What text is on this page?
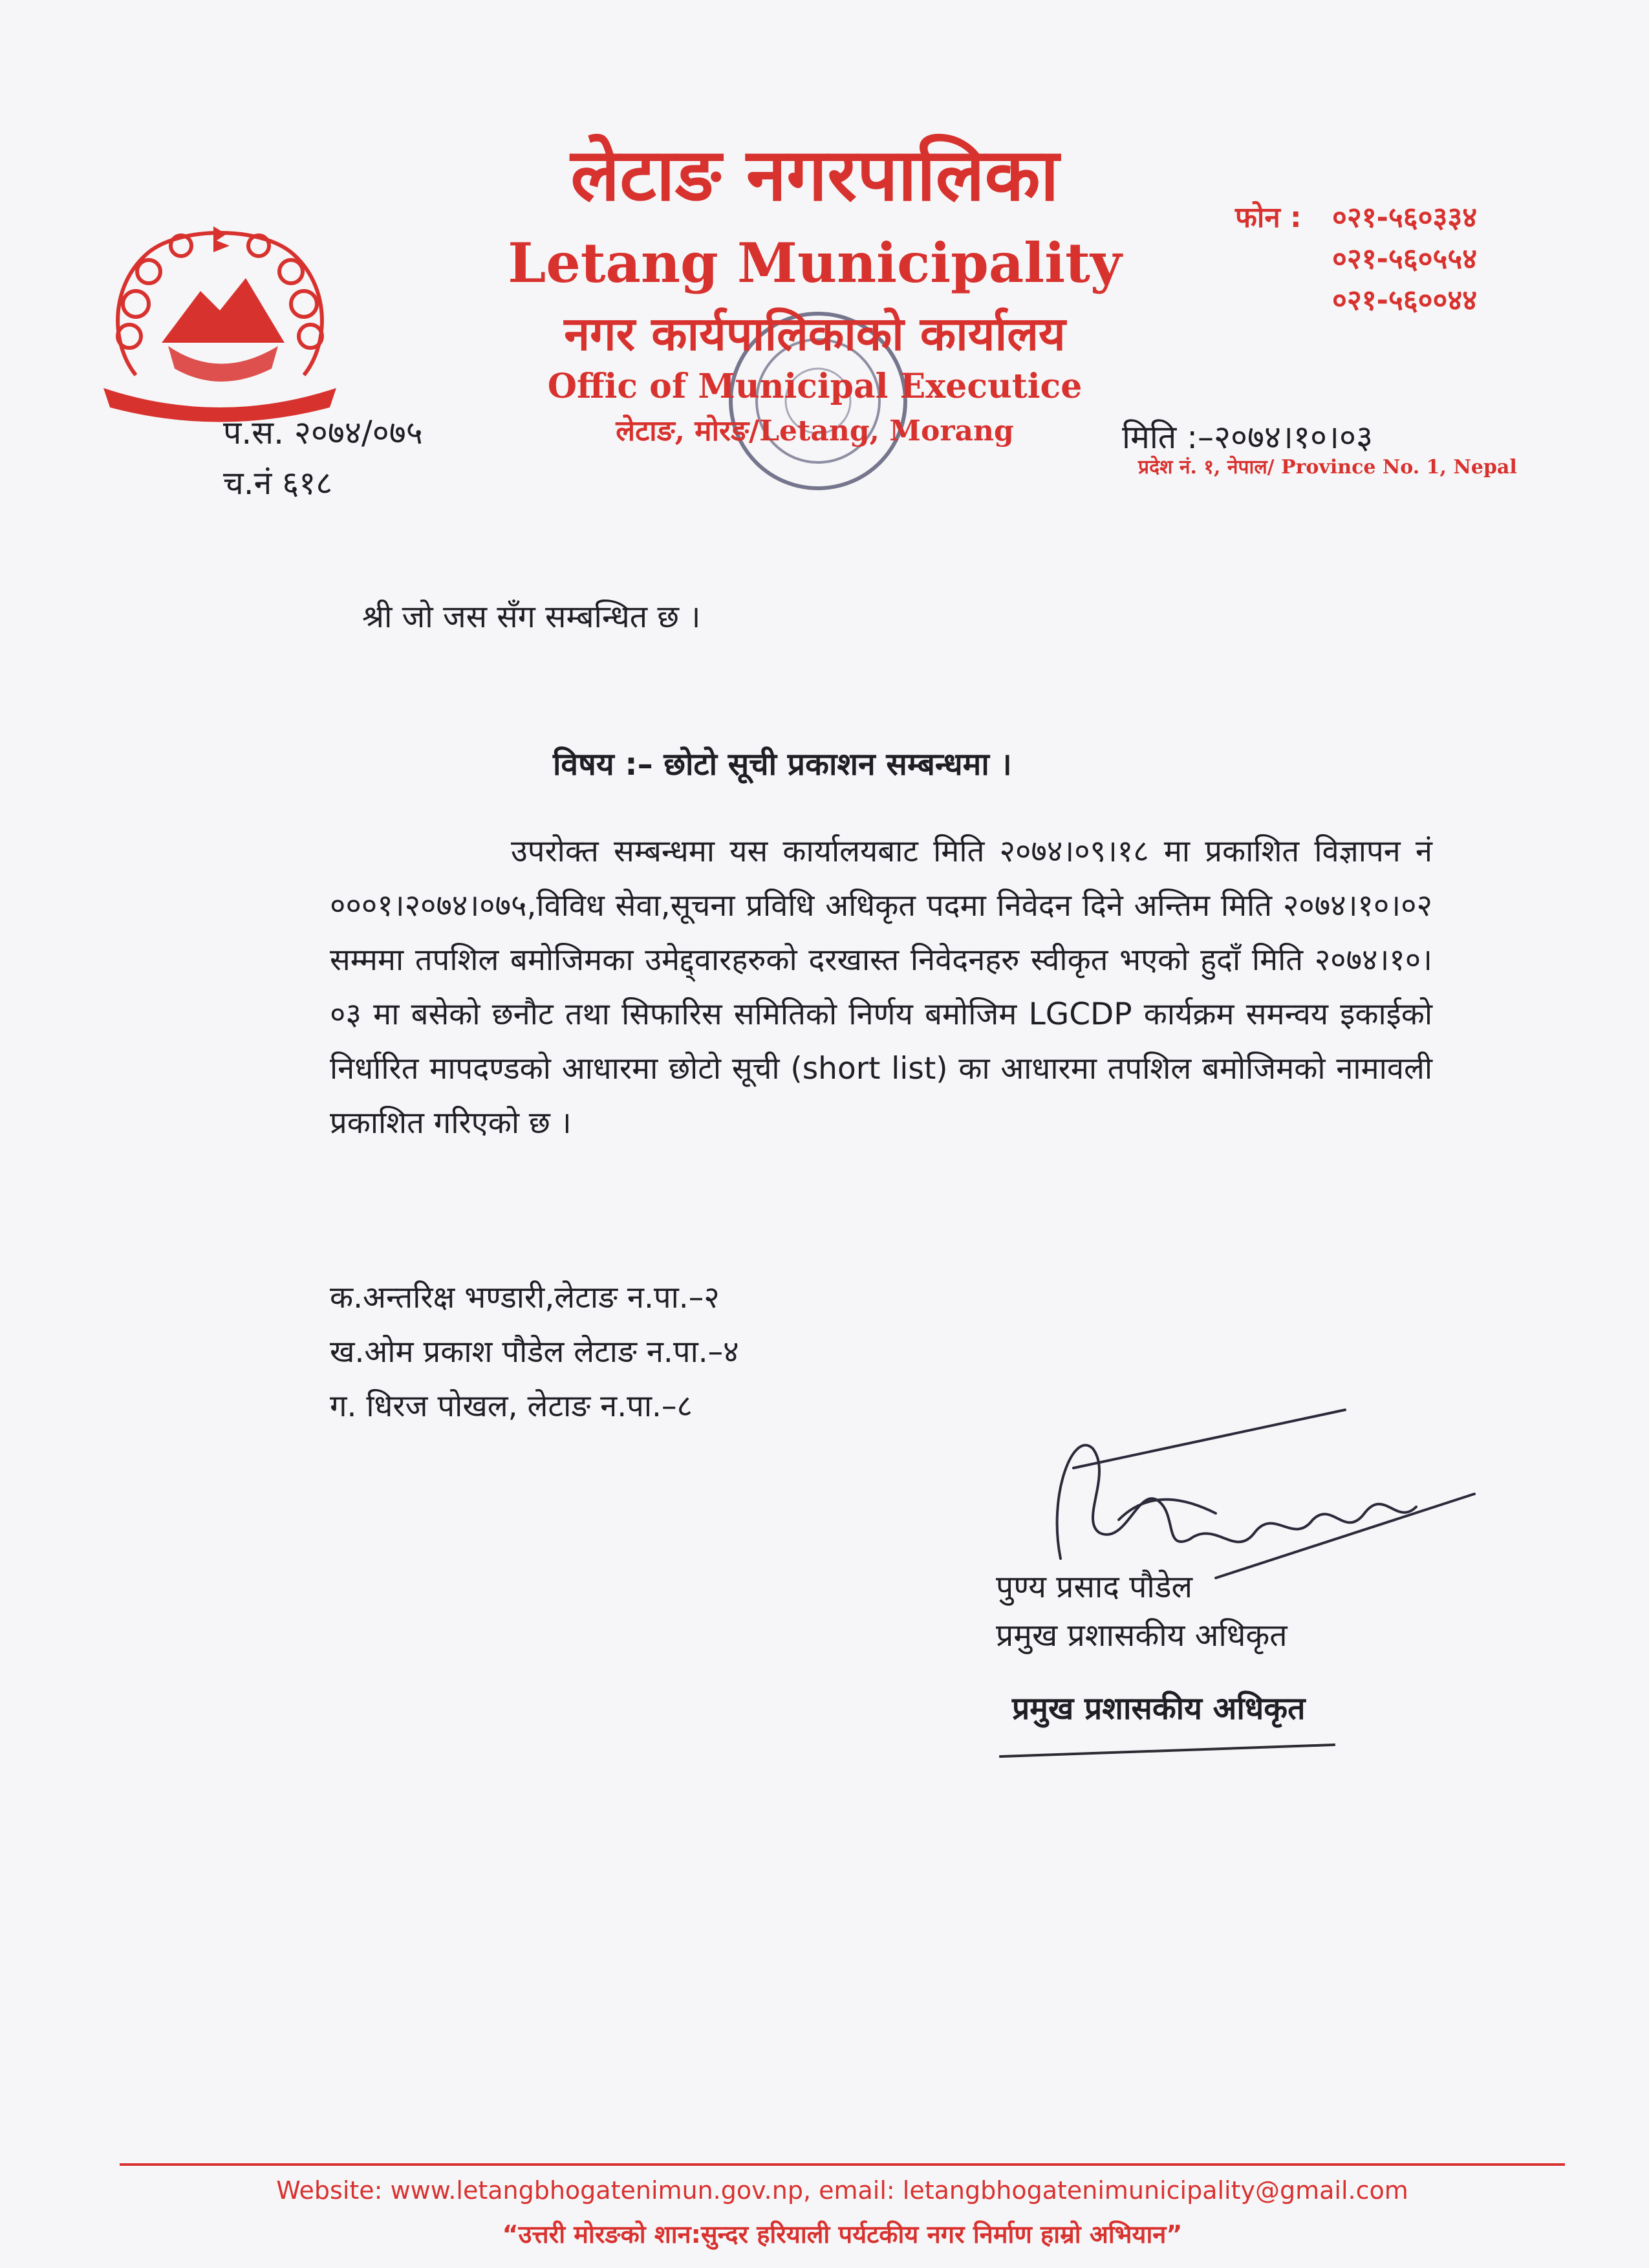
लेटाङ नगरपालिका
Letang Municipality
नगर कार्यपालिकाको कार्यालय
Offic of Municipal Executice
लेटाङ, मोरङ/Letang, Morang
फोन :	०२१-५६०३३४
०२१-५६०५५४
०२१-५६००४४
प्रदेश नं. १, नेपाल/ Province No. 1, Nepal
प.स. २०७४/०७५
च.नं ६१८
मिति :–२०७४।१०।०३
श्री जो जस सँग सम्बन्धित छ ।
विषय :– छोटो सूची प्रकाशन सम्बन्धमा ।
उपरोक्त सम्बन्धमा यस कार्यालयबाट मिति २०७४।०९।१८ मा प्रकाशित विज्ञापन नं ०००१।२०७४।०७५,विविध सेवा,सूचना प्रविधि अधिकृत पदमा निवेदन दिने अन्तिम मिति २०७४।१०।०२ सम्ममा तपशिल बमोजिमका उमेद्द्वारहरुको दरखास्त निवेदनहरु स्वीकृत भएको हुदाँ मिति २०७४।१०।०३ मा बसेको छनौट तथा सिफारिस समितिको निर्णय बमोजिम LGCDP कार्यक्रम समन्वय इकाईको निर्धारित मापदण्डको आधारमा छोटो सूची (short list) का आधारमा तपशिल बमोजिमको नामावली प्रकाशित गरिएको छ ।
क.अन्तरिक्ष भण्डारी,लेटाङ न.पा.–२
ख.ओम प्रकाश पौडेल लेटाङ न.पा.–४
ग. धिरज पोखल, लेटाङ न.पा.–८
पुण्य प्रसाद पौडेल
प्रमुख प्रशासकीय अधिकृत
प्रमुख प्रशासकीय अधिकृत
Website: www.letangbhogatenimun.gov.np, email: letangbhogatenimunicipality@gmail.com
“उत्तरी मोरङको शान:सुन्दर हरियाली पर्यटकीय नगर निर्माण हाम्रो अभियान”
